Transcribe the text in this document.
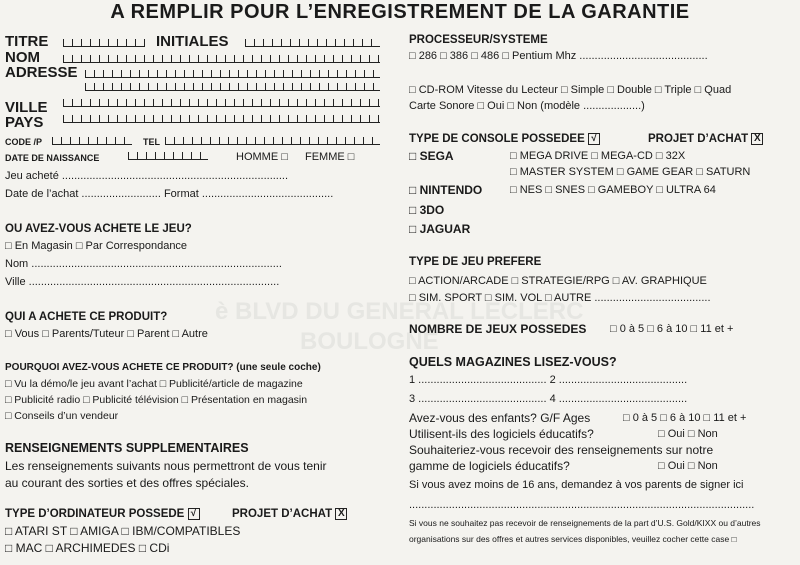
A REMPLIR POUR L’ENREGISTREMENT DE LA GARANTIE
è BLVD DU GENERAL LECLERC
BOULOGNE
TITRE	INITIALES
NOM
ADRESSE
VILLE
PAYS
CODE /P	TEL
DATE DE NAISSANCE	HOMME □	FEMME □
Jeu acheté ..........................................................................
Date de l’achat .......................... Format ...........................................
OU AVEZ-VOUS ACHETE LE JEU?
□ En Magasin □ Par Correspondance
Nom ..................................................................................
Ville ..................................................................................
QUI A ACHETE CE PRODUIT?
□ Vous □ Parents/Tuteur □ Parent □ Autre
POURQUOI AVEZ-VOUS ACHETE CE PRODUIT? (une seule coche)
□ Vu la démo/le jeu avant l’achat □ Publicité/article de magazine
□ Publicité radio □ Publicité télévision □ Présentation en magasin
□ Conseils d’un vendeur
RENSEIGNEMENTS SUPPLEMENTAIRES
Les renseignements suivants nous permettront de vous tenir
au courant des sorties et des offres spéciales.
TYPE D’ORDINATEUR POSSEDE √	PROJET D’ACHAT X
□ ATARI ST □ AMIGA □ IBM/COMPATIBLES
□ MAC □ ARCHIMEDES □ CDi
PROCESSEUR/SYSTEME
□ 286 □ 386 □ 486 □ Pentium Mhz ..........................................
□ CD-ROM Vitesse du Lecteur □ Simple □ Double □ Triple □ Quad
Carte Sonore □ Oui □ Non (modèle ...................)
TYPE DE CONSOLE POSSEDEE √	PROJET D’ACHAT X
□ SEGA	□ MEGA DRIVE □ MEGA-CD □ 32X
□ MASTER SYSTEM □ GAME GEAR □ SATURN
□ NINTENDO	□ NES □ SNES □ GAMEBOY □ ULTRA 64
□ 3DO
□ JAGUAR
TYPE DE JEU PREFERE
□ ACTION/ARCADE □ STRATEGIE/RPG □ AV. GRAPHIQUE
□ SIM. SPORT □ SIM. VOL □ AUTRE ......................................
NOMBRE DE JEUX POSSEDES □ 0 à 5 □ 6 à 10 □ 11 et +
QUELS MAGAZINES LISEZ-VOUS?
1 .......................................... 2 ..........................................
3 .......................................... 4 ..........................................
Avez-vous des enfants? G/F Ages	□ 0 à 5 □ 6 à 10 □ 11 et +
Utilisent-ils des logiciels éducatifs?	□ Oui □ Non
Souhaiteriez-vous recevoir des renseignements sur notre
gamme de logiciels éducatifs?	□ Oui □ Non
Si vous avez moins de 16 ans, demandez à vos parents de signer ici
.................................................................................................................
Si vous ne souhaitez pas recevoir de renseignements de la part d’U.S. Gold/KIXX ou d’autres
organisations sur des offres et autres services disponibles, veuillez cocher cette case □
